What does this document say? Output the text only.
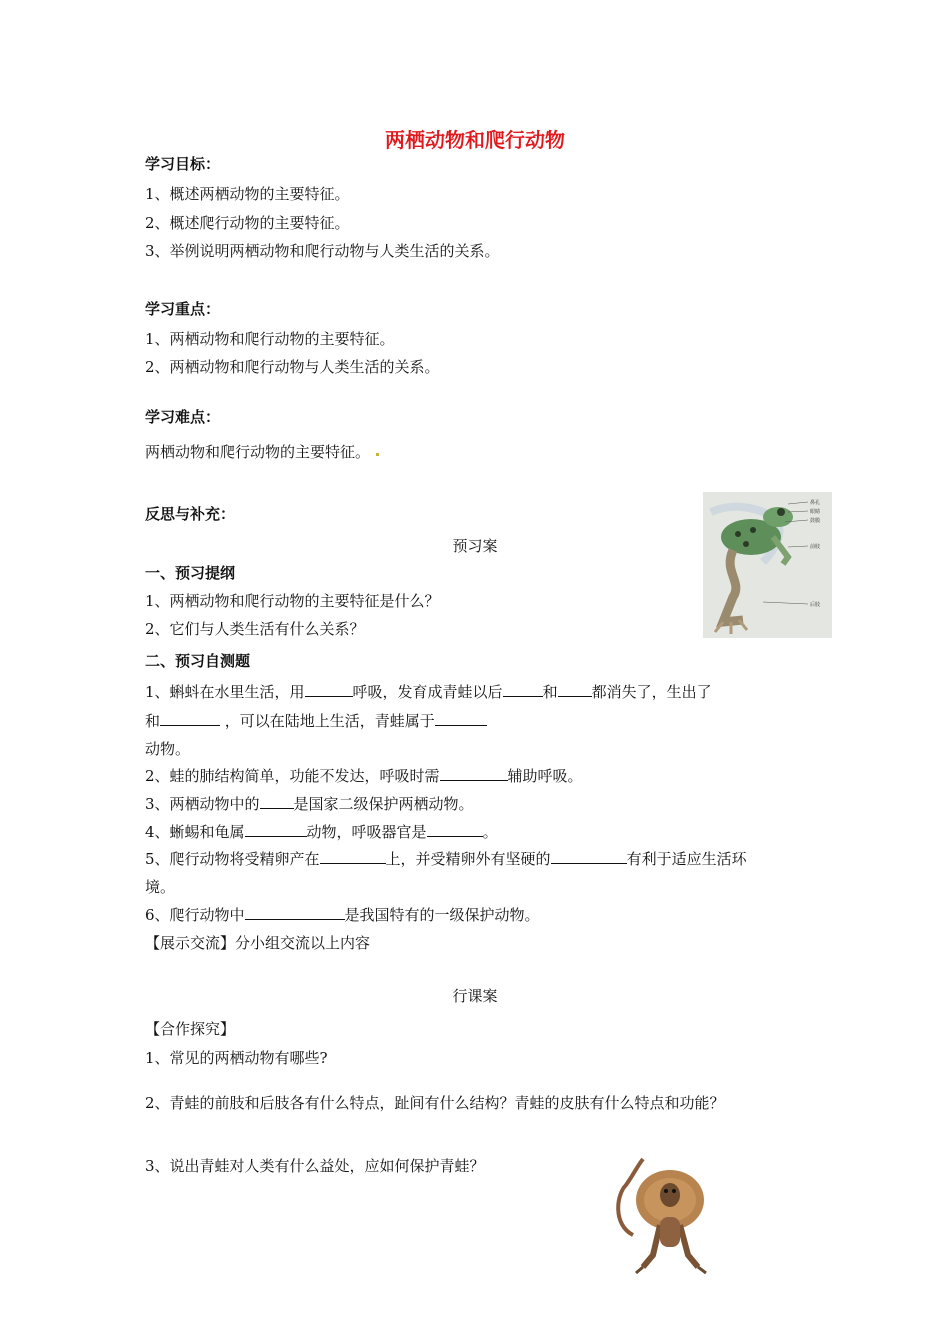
两栖动物和爬行动物
学习目标：
1、概述两栖动物的主要特征。
2、概述爬行动物的主要特征。
3、举例说明两栖动物和爬行动物与人类生活的关系。
学习重点：
1、两栖动物和爬行动物的主要特征。
2、两栖动物和爬行动物与人类生活的关系。
学习难点：
两栖动物和爬行动物的主要特征。
反思与补充：
预习案
一、预习提纲
1、两栖动物和爬行动物的主要特征是什么？
2、它们与人类生活有什么关系？
二、预习自测题
1、蝌蚪在水里生活，用	呼吸，发育成青蛙以后	和 都消失了，生出了
和	，可以在陆地上生活，青蛙属于
动物。
2、蛙的肺结构简单，功能不发达，呼吸时需	辅助呼吸。
3、两栖动物中的 是国家二级保护两栖动物。
4、蜥蜴和龟属	动物，呼吸器官是	。
5、爬行动物将受精卵产在	上，并受精卵外有坚硬的	有利于适应生活环
境。
6、爬行动物中	是我国特有的一级保护动物。
【展示交流】分小组交流以上内容
行课案
【合作探究】
1、常见的两栖动物有哪些?
2、青蛙的前肢和后肢各有什么特点，趾间有什么结构？青蛙的皮肤有什么特点和功能？
3、说出青蛙对人类有什么益处，应如何保护青蛙？
鼻孔
眼睛
鼓膜
前肢
后肢
